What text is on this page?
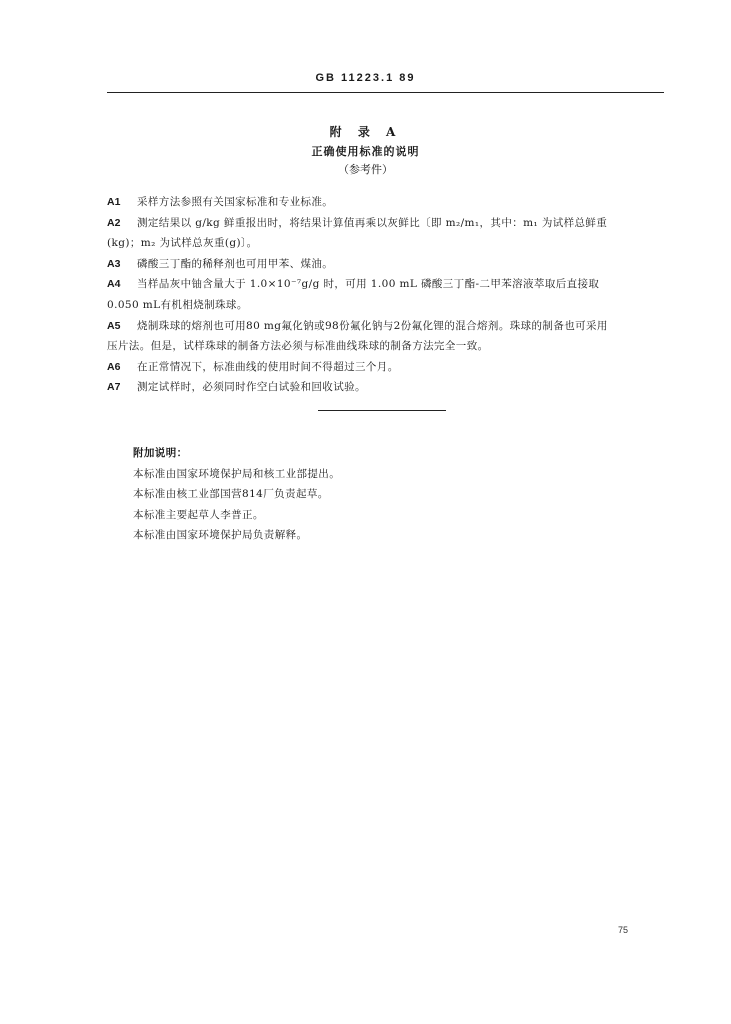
GB 11223.1 89
附 录 A
正确使用标准的说明
（参考件）
A1 采样方法参照有关国家标准和专业标准。
A2 测定结果以 g/kg 鲜重报出时，将结果计算值再乘以灰鲜比〔即 m₂/m₁，其中：m₁ 为试样总鲜重
(kg)；m₂ 为试样总灰重(g)〕。
A3 磷酸三丁酯的稀释剂也可用甲苯、煤油。
A4 当样品灰中铀含量大于 1.0×10⁻⁷g/g 时，可用 1.00 mL 磷酸三丁酯-二甲苯溶液萃取后直接取
0.050 mL有机相烧制珠球。
A5 烧制珠球的熔剂也可用80 mg氟化钠或98份氟化钠与2份氟化锂的混合熔剂。珠球的制备也可采用
压片法。但是，试样珠球的制备方法必须与标准曲线珠球的制备方法完全一致。
A6 在正常情况下，标准曲线的使用时间不得超过三个月。
A7 测定试样时，必须同时作空白试验和回收试验。
附加说明：
本标准由国家环境保护局和核工业部提出。
本标准由核工业部国营814厂负责起草。
本标准主要起草人李普正。
本标准由国家环境保护局负责解释。
75
